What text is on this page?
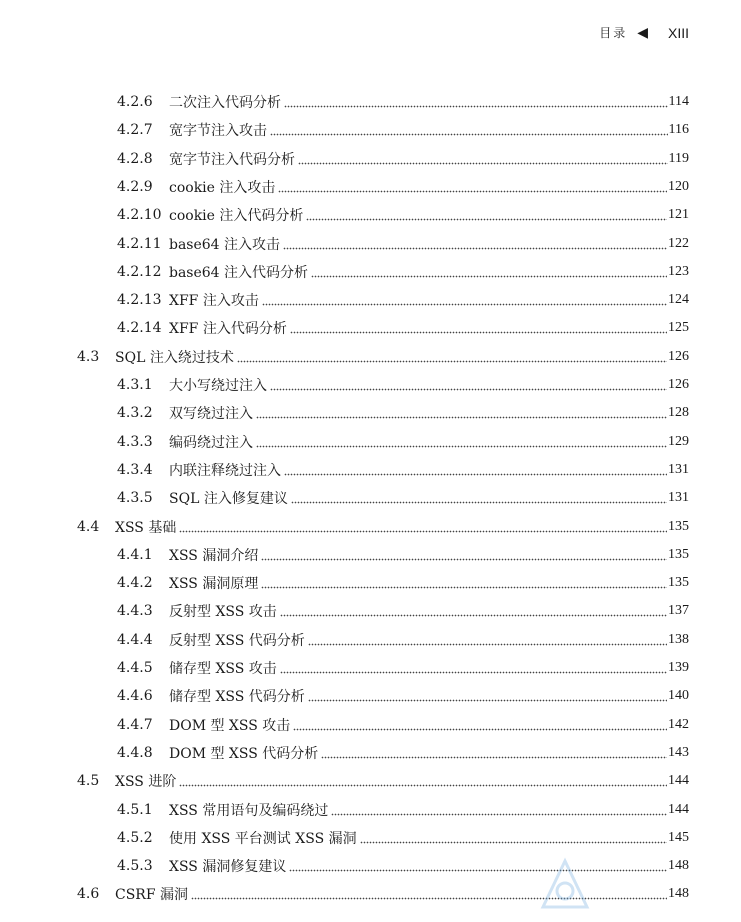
目录 ◀ XIII
4.2.6	二次注入代码分析	114
4.2.7	宽字节注入攻击	116
4.2.8	宽字节注入代码分析	119
4.2.9	cookie 注入攻击	120
4.2.10 cookie 注入代码分析	121
4.2.11 base64 注入攻击	122
4.2.12 base64 注入代码分析	123
4.2.13 XFF 注入攻击	124
4.2.14 XFF 注入代码分析	125
4.3	SQL 注入绕过技术	126
4.3.1	大小写绕过注入	126
4.3.2	双写绕过注入	128
4.3.3	编码绕过注入	129
4.3.4	内联注释绕过注入	131
4.3.5	SQL 注入修复建议	131
4.4	XSS 基础	135
4.4.1	XSS 漏洞介绍	135
4.4.2	XSS 漏洞原理	135
4.4.3	反射型 XSS 攻击	137
4.4.4	反射型 XSS 代码分析	138
4.4.5	储存型 XSS 攻击	139
4.4.6	储存型 XSS 代码分析	140
4.4.7	DOM 型 XSS 攻击	142
4.4.8	DOM 型 XSS 代码分析	143
4.5	XSS 进阶	144
4.5.1	XSS 常用语句及编码绕过	144
4.5.2	使用 XSS 平台测试 XSS 漏洞	145
4.5.3	XSS 漏洞修复建议	148
4.6	CSRF 漏洞	148
